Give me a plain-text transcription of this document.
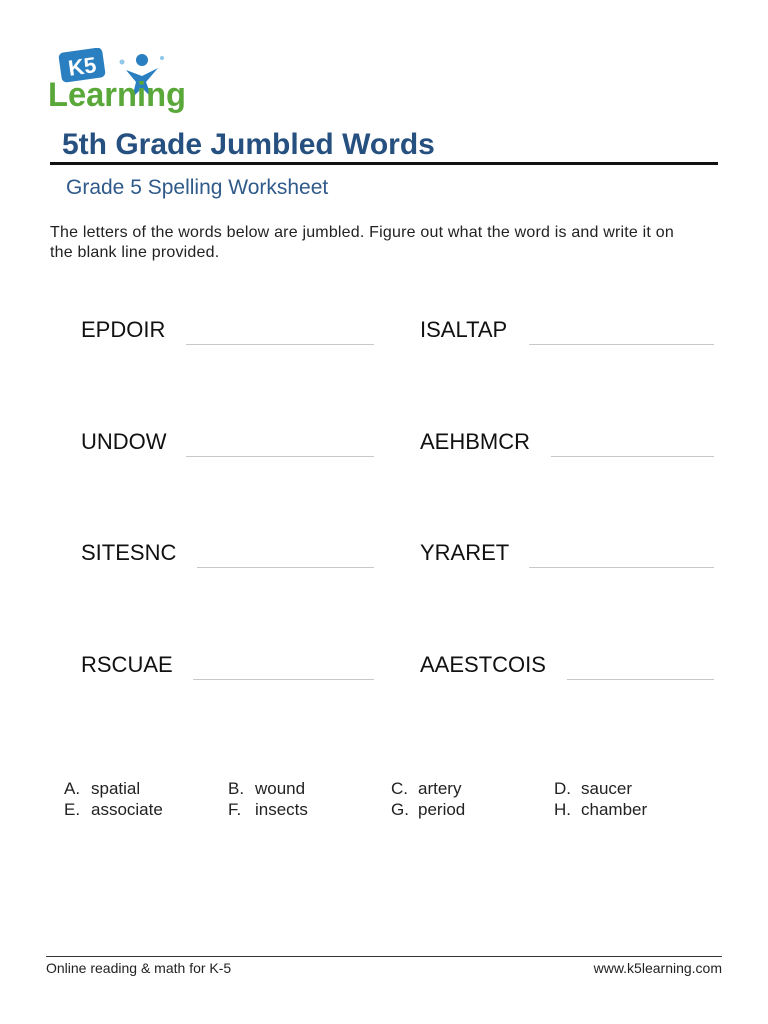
K5
Learning
5th Grade Jumbled Words
Grade 5 Spelling Worksheet
The letters of the words below are jumbled. Figure out what the word is and write it on the blank line provided.
EPDOIR	ISALTAP
UNDOW	AEHBMCR
SITESNC	YRARET
RSCUAE	AAESTCOIS
A. spatial	B. wound	C. artery	D. saucer
E. associate	F. insects	G. period	H. chamber
Online reading & math for K-5	www.k5learning.com
